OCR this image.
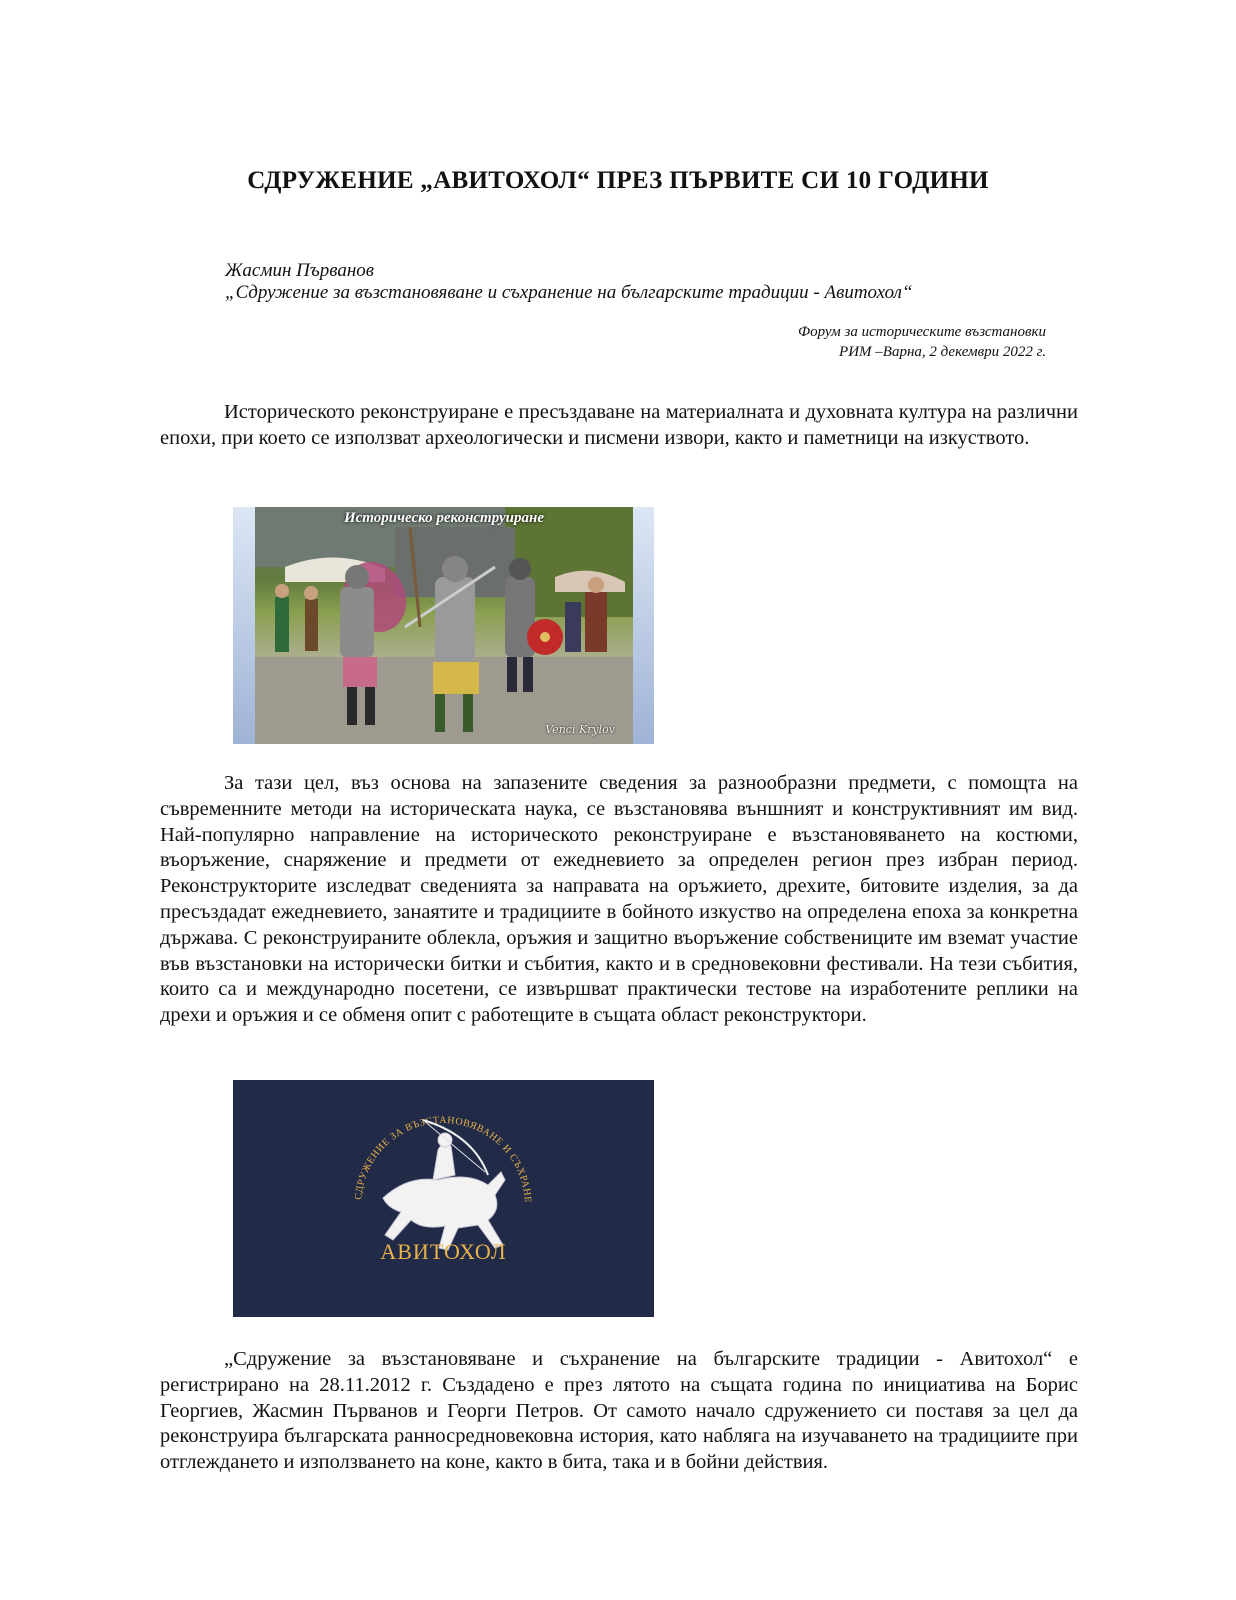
СДРУЖЕНИЕ „АВИТОХОЛ“ ПРЕЗ ПЪРВИТЕ СИ 10 ГОДИНИ
Жасмин Първанов
„Сдружение за възстановяване и съхранение на българските традиции - Авитохол“
Форум за историческите възстановки
РИМ –Варна, 2 декември 2022 г.

Историческото реконструиране е пресъздаване на материалната и духовната култура на различни епохи, при което се използват археологически и писмени извори, както и паметници на изкуството.

Историческо реконструиране
Venci Krylov

За тази цел, въз основа на запазените сведения за разнообразни предмети, с помощта на съвременните методи на историческата наука, се възстановява външният и конструктивният им вид. Най-популярно направление на историческото реконструиране е възстановяването на костюми, въоръжение, снаряжение и предмети от ежедневието за определен регион през избран период. Реконструкторите изследват сведенията за направата на оръжието, дрехите, битовите изделия, за да пресъздадат ежедневието, занаятите и традициите в бойното изкуство на определена епоха за конкретна държава. С реконструираните облекла, оръжия и защитно въоръжение собствениците им вземат участие във възстановки на исторически битки и събития, както и в средновековни фестивали. На тези събития, които са и международно посетени, се извършват практически тестове на изработените реплики на дрехи и оръжия и се обменя опит с работещите в същата област реконструктори.

СДРУЖЕНИЕ ЗА ВЪЗСТАНОВЯВАНЕ И СЪХРАНЕ
АВИТОХОЛ

„Сдружение за възстановяване и съхранение на българските традиции - Авитохол“ е регистрирано на 28.11.2012 г. Създадено е през лятото на същата година по инициатива на Борис Георгиев, Жасмин Първанов и Георги Петров. От самото начало сдружението си поставя за цел да реконструира българската ранносредновековна история, като набляга на изучаването на традициите при отглеждането и използването на коне, както в бита, така и в бойни действия.
